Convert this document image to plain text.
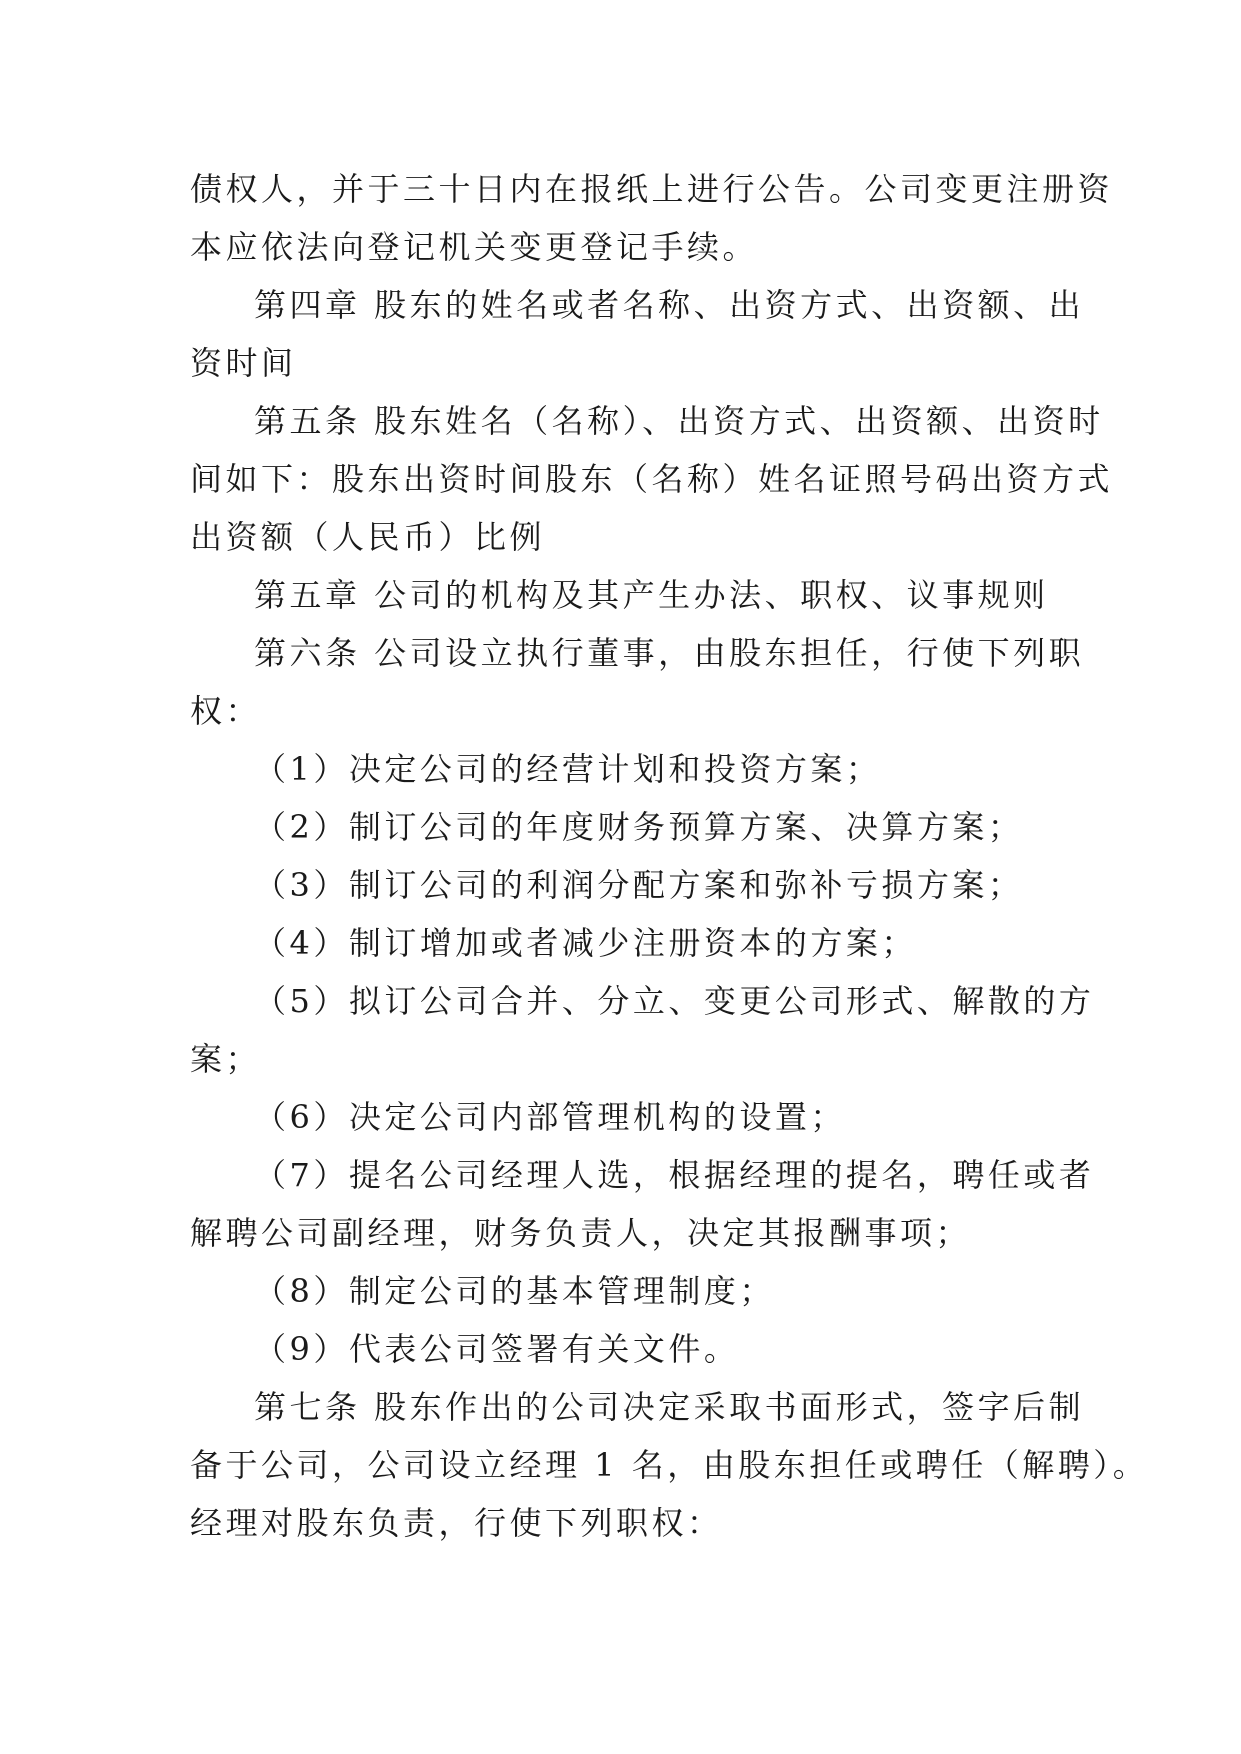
债权人，并于三十日内在报纸上进行公告。公司变更注册资
本应依法向登记机关变更登记手续。
第四章 股东的姓名或者名称、出资方式、出资额、出
资时间
第五条 股东姓名（名称）、出资方式、出资额、出资时
间如下：股东出资时间股东（名称）姓名证照号码出资方式
出资额（人民币）比例
第五章 公司的机构及其产生办法、职权、议事规则
第六条 公司设立执行董事，由股东担任，行使下列职
权：
（1）决定公司的经营计划和投资方案；
（2）制订公司的年度财务预算方案、决算方案；
（3）制订公司的利润分配方案和弥补亏损方案；
（4）制订增加或者减少注册资本的方案；
（5）拟订公司合并、分立、变更公司形式、解散的方
案；
（6）决定公司内部管理机构的设置；
（7）提名公司经理人选，根据经理的提名，聘任或者
解聘公司副经理，财务负责人，决定其报酬事项；
（8）制定公司的基本管理制度；
（9）代表公司签署有关文件。
第七条 股东作出的公司决定采取书面形式，签字后制
备于公司，公司设立经理 1 名，由股东担任或聘任（解聘）。
经理对股东负责，行使下列职权：
